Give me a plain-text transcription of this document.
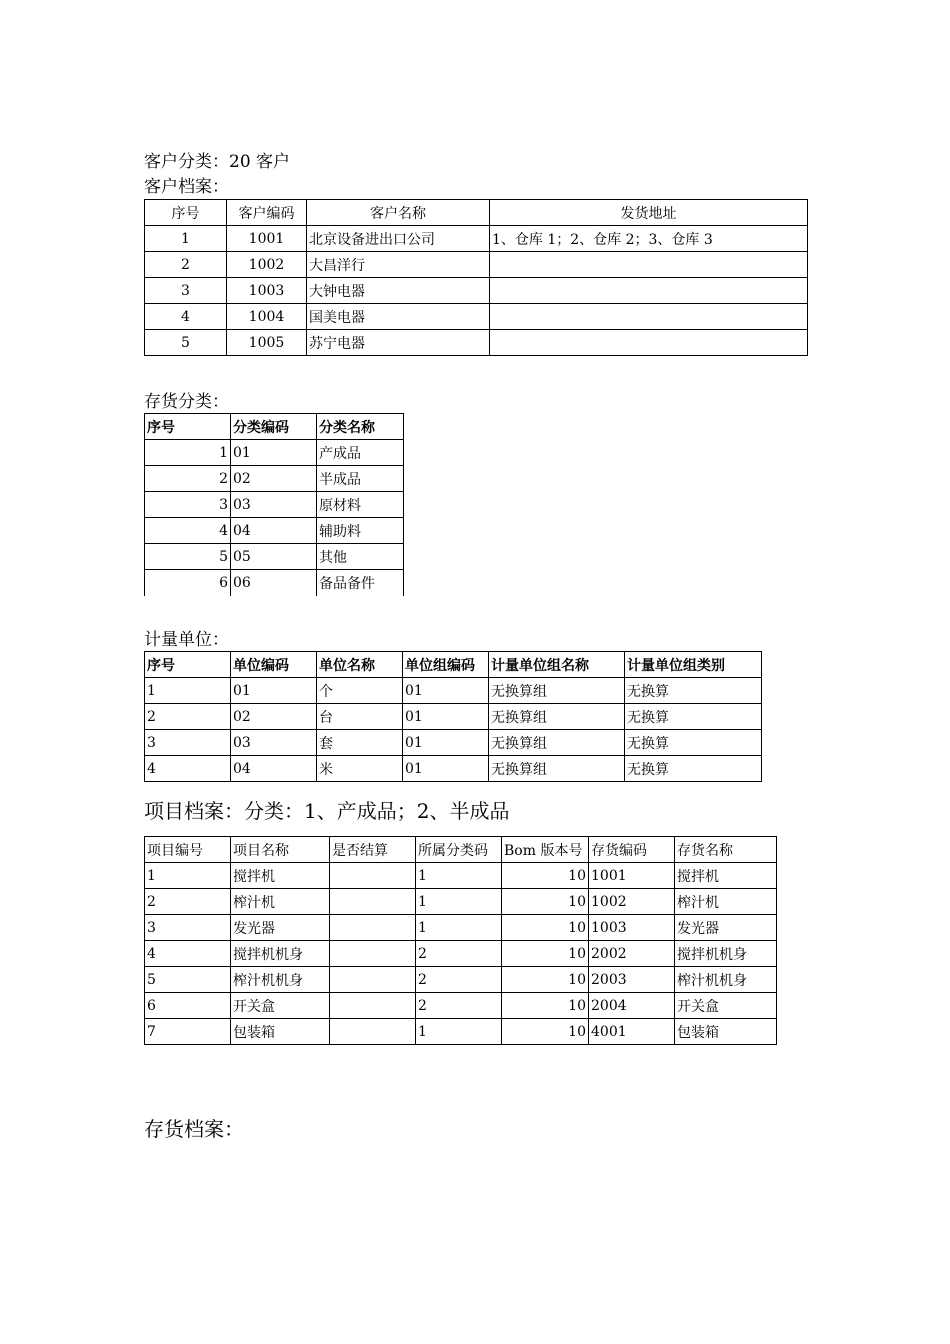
客户分类：20 客户
客户档案：
序号	客户编码	客户名称	发货地址
1	1001	北京设备进出口公司	1、仓库 1；2、仓库 2；3、仓库 3
2	1002	大昌洋行	
3	1003	大钟电器	
4	1004	国美电器	
5	1005	苏宁电器	
存货分类：
序号	分类编码	分类名称
1	01	产成品
2	02	半成品
3	03	原材料
4	04	辅助料
5	05	其他
6	06	备品备件
计量单位：
序号	单位编码	单位名称	单位组编码	计量单位组名称	计量单位组类别
1	01	个	01	无换算组	无换算
2	02	台	01	无换算组	无换算
3	03	套	01	无换算组	无换算
4	04	米	01	无换算组	无换算
项目档案：分类：1、产成品；2、半成品
项目编号	项目名称	是否结算	所属分类码	Bom 版本号	存货编码	存货名称
1	搅拌机		1	10	1001	搅拌机
2	榨汁机		1	10	1002	榨汁机
3	发光器		1	10	1003	发光器
4	搅拌机机身		2	10	2002	搅拌机机身
5	榨汁机机身		2	10	2003	榨汁机机身
6	开关盒		2	10	2004	开关盒
7	包装箱		1	10	4001	包装箱
存货档案：
